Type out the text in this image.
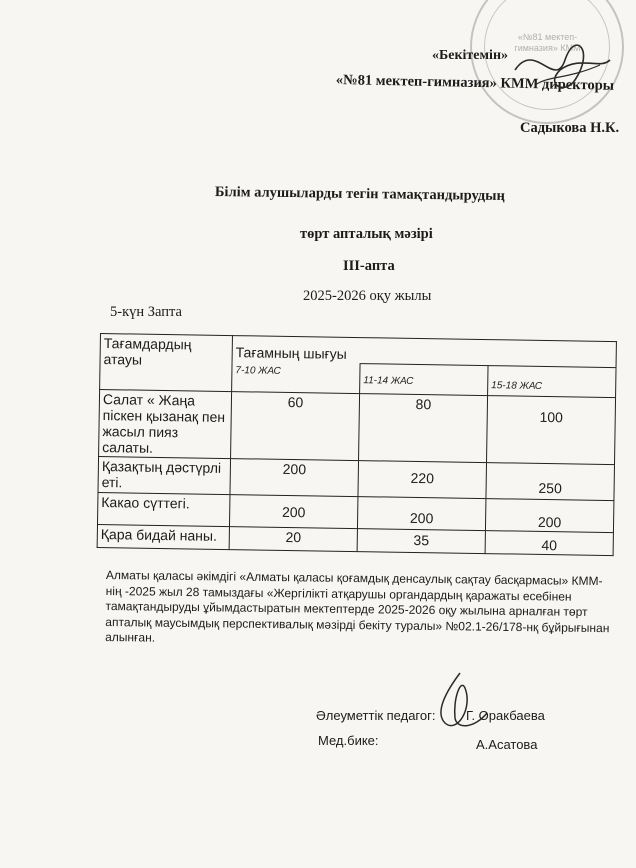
«№81 мектеп-гимназия» КММ
«Бекітемін»
«№81 мектеп-гимназия» КММ директоры
Садыкова Н.К.
Білім алушыларды тегін тамақтандырудың
төрт апталық мәзірі
ІІІ-апта
2025-2026 оқу жылы
5-күн Запта
Тағамдардың атауы	Тағамның шығуы		
	7-10 ЖАС	11-14 ЖАС	15-18 ЖАС
Салат « Жаңа піскен қызанақ пен жасыл пияз салаты.	60	80	100
Қазақтың дәстүрлі еті.	200	220	250
Какао сүттегі.	200	200	200
Қара бидай наны.	20	35	40
Алматы қаласы әкімдігі «Алматы қаласы қоғамдық денсаулық сақтау басқармасы» КММ-нің -2025 жыл 28 тамыздағы «Жергілікті атқарушы органдардың қаражаты есебінен тамақтандыруды ұйымдастыратын мектептерде 2025-2026 оқу жылына арналған төрт апталық маусымдық перспективалық мәзірді бекіту туралы» №02.1-26/178-нқ бұйрығынан алынған.
Әлеуметтік педагог: Г. Оракбаева
Мед.бике:	А.Асатова
